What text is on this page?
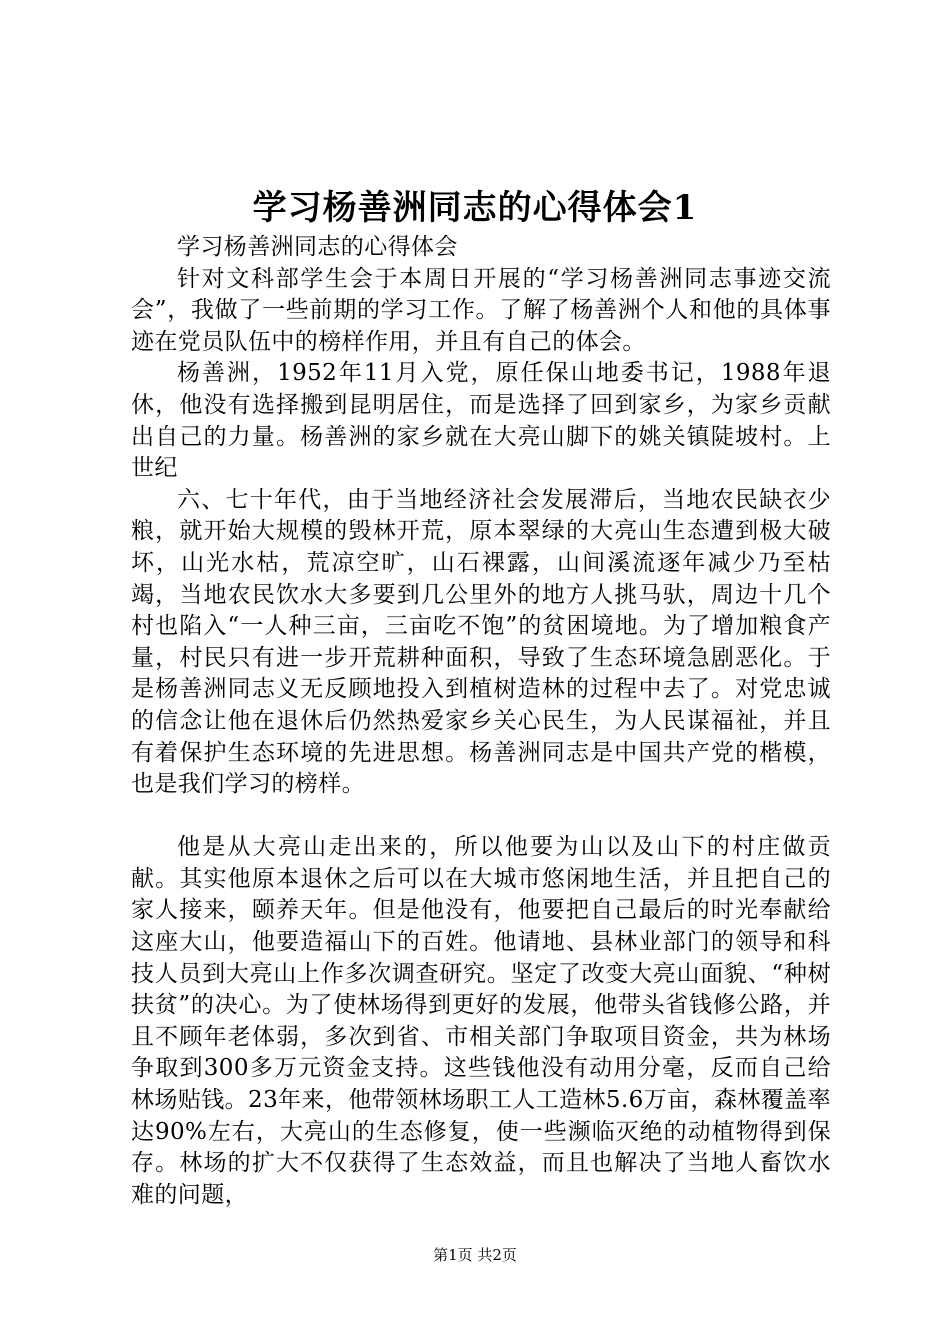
学习杨善洲同志的心得体会1

学习杨善洲同志的心得体会

针对文科部学生会于本周日开展的“学习杨善洲同志事迹交流会”，我做了一些前期的学习工作。了解了杨善洲个人和他的具体事迹在党员队伍中的榜样作用，并且有自己的体会。

杨善洲，1952年11月入党，原任保山地委书记，1988年退休，他没有选择搬到昆明居住，而是选择了回到家乡，为家乡贡献出自己的力量。杨善洲的家乡就在大亮山脚下的姚关镇陡坡村。上世纪

六、七十年代，由于当地经济社会发展滞后，当地农民缺衣少粮，就开始大规模的毁林开荒，原本翠绿的大亮山生态遭到极大破坏，山光水枯，荒凉空旷，山石裸露，山间溪流逐年减少乃至枯竭，当地农民饮水大多要到几公里外的地方人挑马驮，周边十几个村也陷入“一人种三亩，三亩吃不饱”的贫困境地。为了增加粮食产量，村民只有进一步开荒耕种面积，导致了生态环境急剧恶化。于是杨善洲同志义无反顾地投入到植树造林的过程中去了。对党忠诚的信念让他在退休后仍然热爱家乡关心民生，为人民谋福祉，并且有着保护生态环境的先进思想。杨善洲同志是中国共产党的楷模，也是我们学习的榜样。

他是从大亮山走出来的，所以他要为山以及山下的村庄做贡献。其实他原本退休之后可以在大城市悠闲地生活，并且把自己的家人接来，颐养天年。但是他没有，他要把自己最后的时光奉献给这座大山，他要造福山下的百姓。他请地、县林业部门的领导和科技人员到大亮山上作多次调查研究。坚定了改变大亮山面貌、“种树扶贫”的决心。为了使林场得到更好的发展，他带头省钱修公路，并且不顾年老体弱，多次到省、市相关部门争取项目资金，共为林场争取到300多万元资金支持。这些钱他没有动用分毫，反而自己给林场贴钱。23年来，他带领林场职工人工造林5.6万亩，森林覆盖率达90%左右，大亮山的生态修复，使一些濒临灭绝的动植物得到保存。林场的扩大不仅获得了生态效益，而且也解决了当地人畜饮水难的问题，

第1页 共2页
